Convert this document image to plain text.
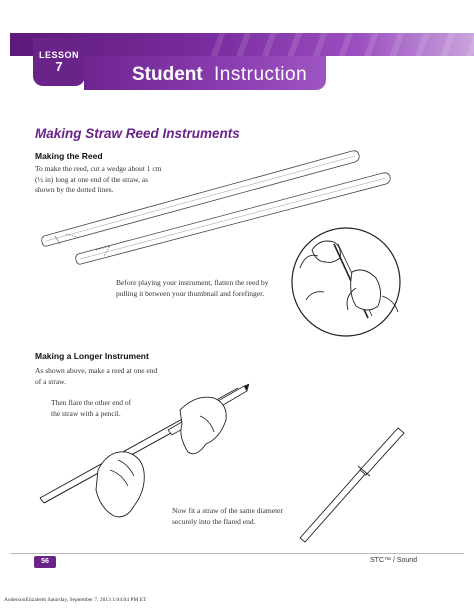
LESSON
7	Student Instruction
Making Straw Reed Instruments
Making the Reed
To make the reed, cut a wedge about 1 cm
(½ in) long at one end of the straw, as
shown by the dotted lines.
Before playing your instrument, flatten the reed by
pulling it between your thumbnail and forefinger.
Making a Longer Instrument
As shown above, make a reed at one end
of a straw.
Then flare the other end of
the straw with a pencil.
Now fit a straw of the same diameter
securely into the flared end.
56	STC™ / Sound
AndersonElizabeth Saturday, September 7, 2013 1:04:04 PM ET
